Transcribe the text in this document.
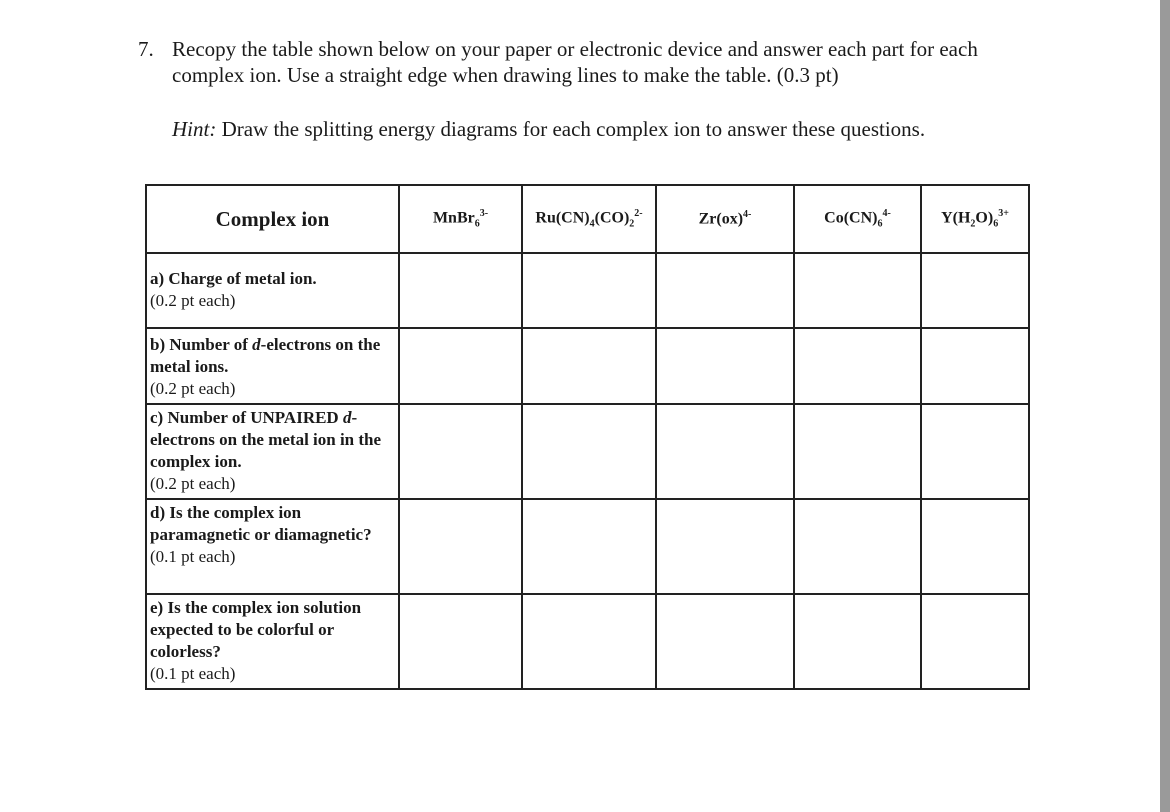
7. Recopy the table shown below on your paper or electronic device and answer each part for each complex ion. Use a straight edge when drawing lines to make the table. (0.3 pt)
Hint: Draw the splitting energy diagrams for each complex ion to answer these questions.
Complex ion	MnBr$_6^{3-}$	$Ru(CN)_4(CO)_2^{2-}$	Zr(ox)$^{4-}$	$Co(CN)_6^{4-}$	$Y(H_2O)_6^{3+}$

a) Charge of metal ion.
(0.2 pt each)					

b) Number of d-electrons on the metal ions.
(0.2 pt each)					

c) Number of UNPAIRED d-electrons on the metal ion in the complex ion.
(0.2 pt each)					

d) Is the complex ion paramagnetic or diamagnetic?
(0.1 pt each)					

e) Is the complex ion solution expected to be colorful or colorless?
(0.1 pt each)					
